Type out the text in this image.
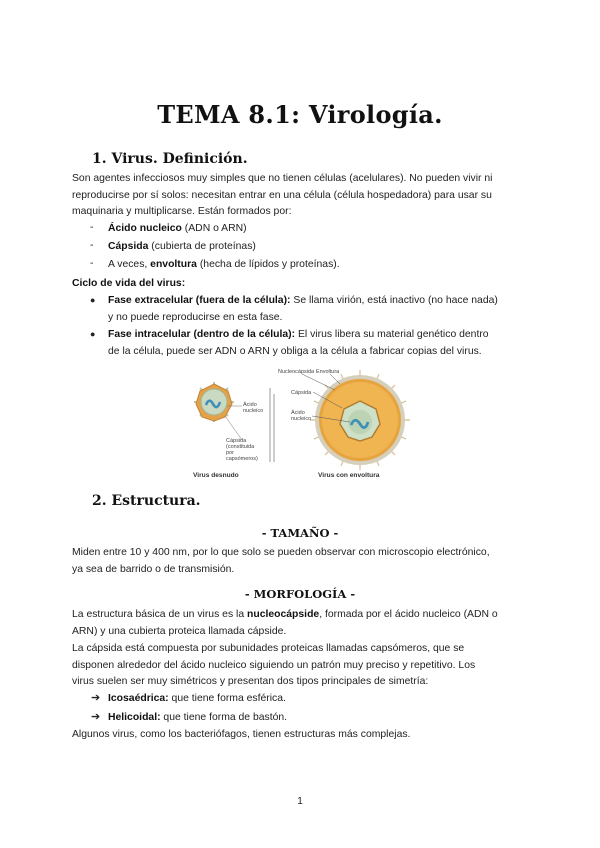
TEMA 8.1: Virología.
1. Virus. Definición.

Son agentes infecciosos muy simples que no tienen células (acelulares). No pueden vivir ni

reproducirse por sí solos: necesitan entrar en una célula (célula hospedadora) para usar su

maquinaria y multiplicarse. Están formados por:

- Ácido nucleico (ADN o ARN)

- Cápsida (cubierta de proteínas)

- A veces, envoltura (hecha de lípidos y proteínas).

Ciclo de vida del virus:

● Fase extracelular (fuera de la célula): Se llama virión, está inactivo (no hace nada)

y no puede reproducirse en esta fase.

● Fase intracelular (dentro de la célula): El virus libera su material genético dentro

de la célula, puede ser ADN o ARN y obliga a la célula a fabricar copias del virus.

Ácido
nucleico
Cápsida
(constituida
por
capsómeros)
Virus desnudo
Nucleocápsida Envoltura
Cápsida
Ácido
nucleico
Virus con envoltura
2. Estructura.

- TAMAÑO -

Miden entre 10 y 400 nm, por lo que solo se pueden observar con microscopio electrónico,

ya sea de barrido o de transmisión.

- MORFOLOGÍA -

La estructura básica de un virus es la nucleocápside, formada por el ácido nucleico (ADN o

ARN) y una cubierta proteica llamada cápside.

La cápsida está compuesta por subunidades proteicas llamadas capsómeros, que se

disponen alrededor del ácido nucleico siguiendo un patrón muy preciso y repetitivo. Los

virus suelen ser muy simétricos y presentan dos tipos principales de simetría:

➔ Icosaédrica: que tiene forma esférica.

➔ Helicoidal: que tiene forma de bastón.

Algunos virus, como los bacteriófagos, tienen estructuras más complejas.

1
